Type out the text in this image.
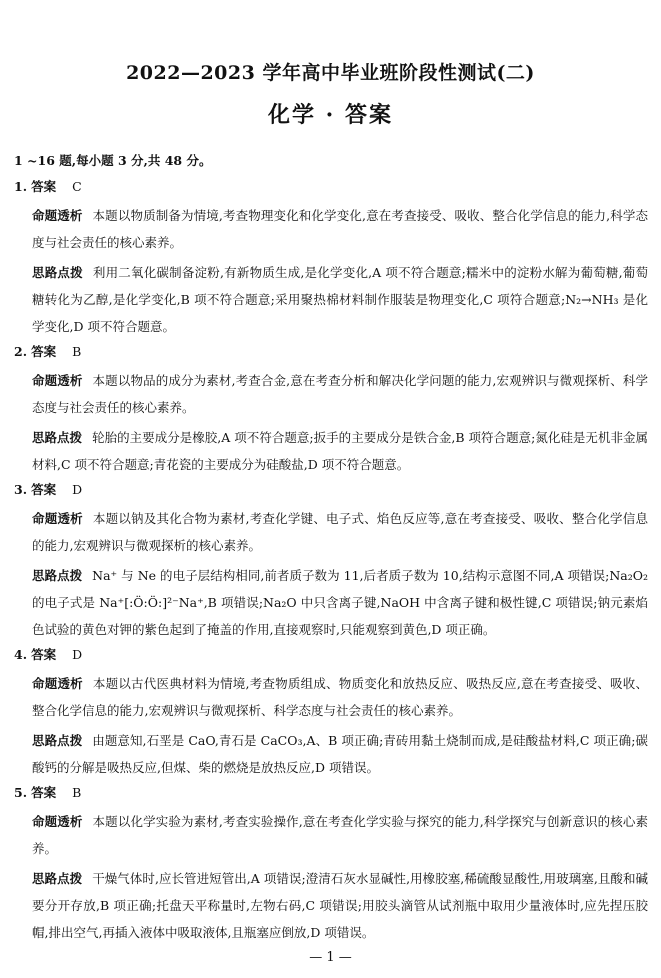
2022—2023 学年高中毕业班阶段性测试(二)
化学 · 答案
1 ~16 题,每小题 3 分,共 48 分。
1. 答案 C
命题透析 本题以物质制备为情境,考查物理变化和化学变化,意在考查接受、吸收、整合化学信息的能力,科学态度与社会责任的核心素养。
思路点拨 利用二氧化碳制备淀粉,有新物质生成,是化学变化,A 项不符合题意;糯米中的淀粉水解为葡萄糖,葡萄糖转化为乙醇,是化学变化,B 项不符合题意;采用聚热棉材料制作服装是物理变化,C 项符合题意;N₂→NH₃ 是化学变化,D 项不符合题意。
2. 答案 B
命题透析 本题以物品的成分为素材,考查合金,意在考查分析和解决化学问题的能力,宏观辨识与微观探析、科学态度与社会责任的核心素养。
思路点拨 轮胎的主要成分是橡胶,A 项不符合题意;扳手的主要成分是铁合金,B 项符合题意;氮化硅是无机非金属材料,C 项不符合题意;青花瓷的主要成分为硅酸盐,D 项不符合题意。
3. 答案 D
命题透析 本题以钠及其化合物为素材,考查化学键、电子式、焰色反应等,意在考查接受、吸收、整合化学信息的能力,宏观辨识与微观探析的核心素养。
思路点拨 Na⁺ 与 Ne 的电子层结构相同,前者质子数为 11,后者质子数为 10,结构示意图不同,A 项错误;Na₂O₂ 的电子式是 Na⁺[:Ö:Ö:]²⁻Na⁺,B 项错误;Na₂O 中只含离子键,NaOH 中含离子键和极性键,C 项错误;钠元素焰色试验的黄色对钾的紫色起到了掩盖的作用,直接观察时,只能观察到黄色,D 项正确。
4. 答案 D
命题透析 本题以古代医典材料为情境,考查物质组成、物质变化和放热反应、吸热反应,意在考查接受、吸收、整合化学信息的能力,宏观辨识与微观探析、科学态度与社会责任的核心素养。
思路点拨 由题意知,石垩是 CaO,青石是 CaCO₃,A、B 项正确;青砖用黏土烧制而成,是硅酸盐材料,C 项正确;碳酸钙的分解是吸热反应,但煤、柴的燃烧是放热反应,D 项错误。
5. 答案 B
命题透析 本题以化学实验为素材,考查实验操作,意在考查化学实验与探究的能力,科学探究与创新意识的核心素养。
思路点拨 干燥气体时,应长管进短管出,A 项错误;澄清石灰水显碱性,用橡胶塞,稀硫酸显酸性,用玻璃塞,且酸和碱要分开存放,B 项正确;托盘天平称量时,左物右码,C 项错误;用胶头滴管从试剂瓶中取用少量液体时,应先捏压胶帽,排出空气,再插入液体中吸取液体,且瓶塞应倒放,D 项错误。
— 1 —
